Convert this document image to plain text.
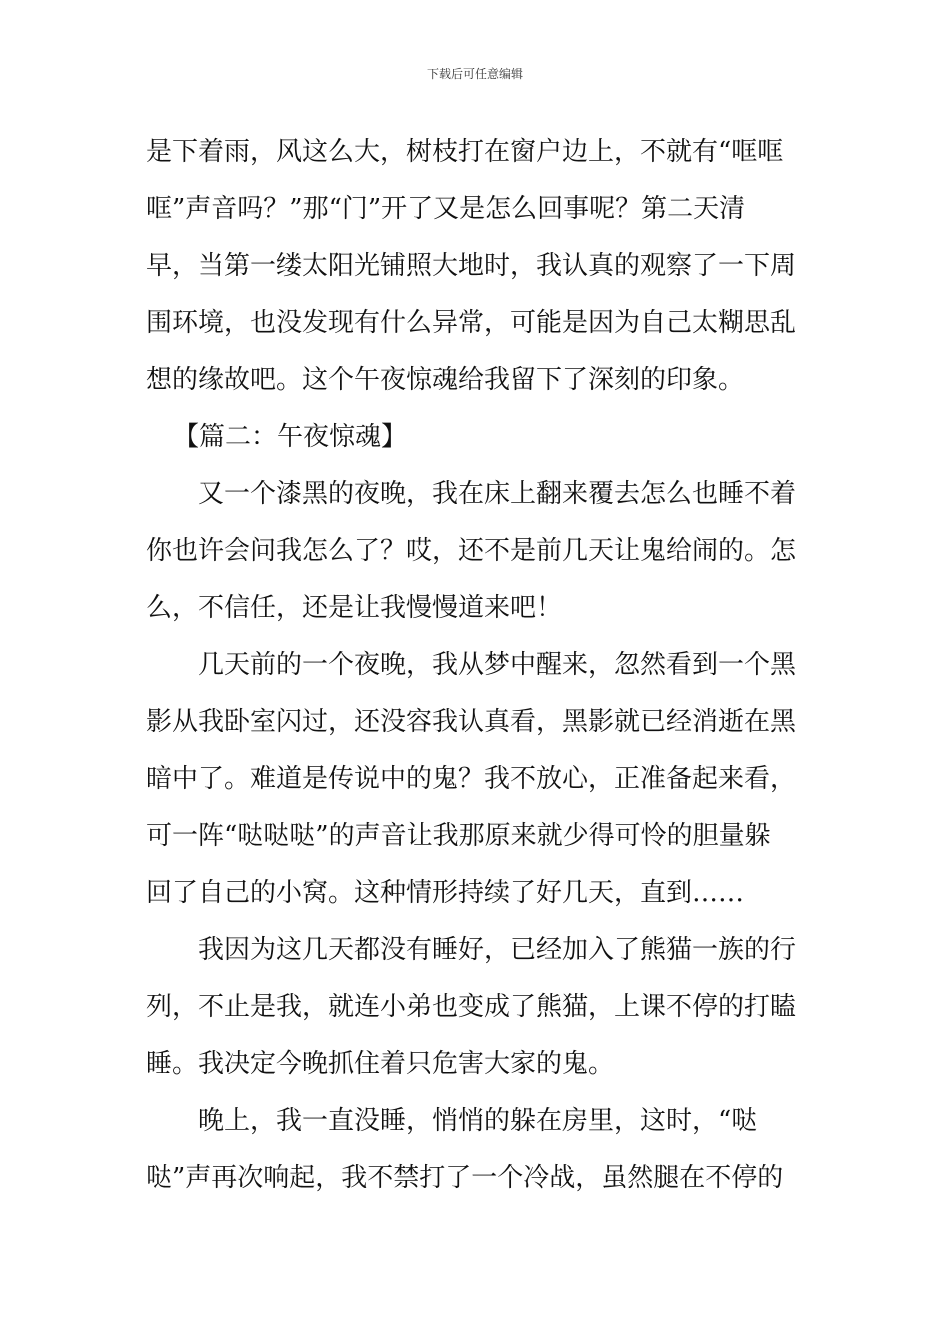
下载后可任意编辑
是下着雨，风这么大，树枝打在窗户边上，不就有“哐哐
哐”声音吗？”那“门”开了又是怎么回事呢？第二天清
早，当第一缕太阳光铺照大地时，我认真的观察了一下周
围环境，也没发现有什么异常，可能是因为自己太糊思乱
想的缘故吧。这个午夜惊魂给我留下了深刻的印象。
【篇二：午夜惊魂】
又一个漆黑的夜晚，我在床上翻来覆去怎么也睡不着
你也许会问我怎么了？哎，还不是前几天让鬼给闹的。怎
么，不信任，还是让我慢慢道来吧！
几天前的一个夜晚，我从梦中醒来，忽然看到一个黑
影从我卧室闪过，还没容我认真看，黑影就已经消逝在黑
暗中了。难道是传说中的鬼？我不放心，正准备起来看，
可一阵“哒哒哒”的声音让我那原来就少得可怜的胆量躲
回了自己的小窝。这种情形持续了好几天，直到……
我因为这几天都没有睡好，已经加入了熊猫一族的行
列，不止是我，就连小弟也变成了熊猫，上课不停的打瞌
睡。我决定今晚抓住着只危害大家的鬼。
晚上，我一直没睡，悄悄的躲在房里，这时，“哒
哒”声再次响起，我不禁打了一个冷战，虽然腿在不停的
